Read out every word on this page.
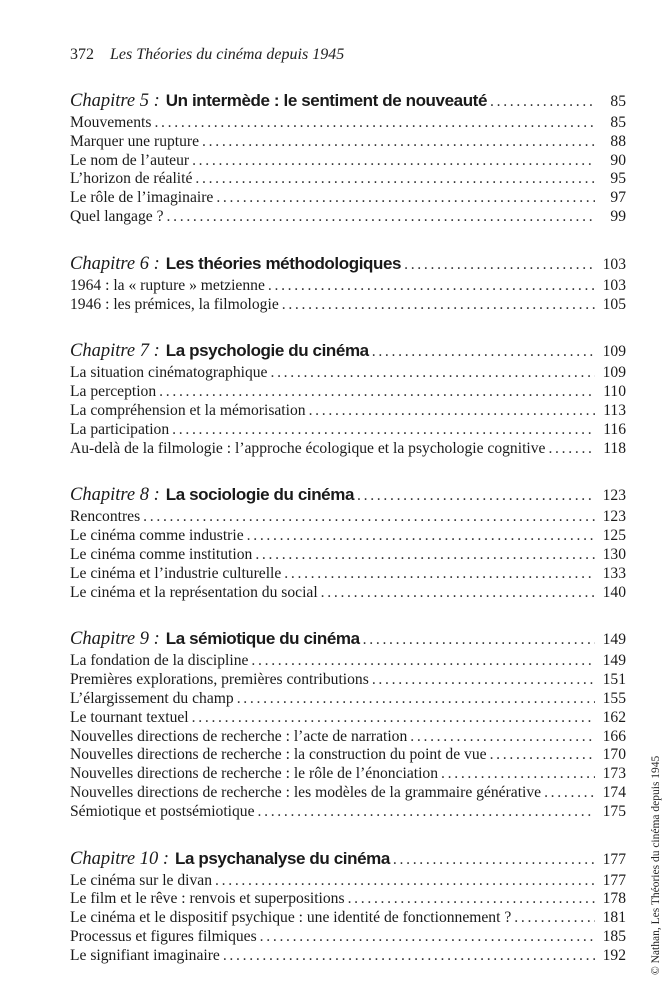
372 Les Théories du cinéma depuis 1945
Chapitre 5 : Un intermède : le sentiment de nouveauté . . .	85
Mouvements . . .	85
Marquer une rupture . . .	88
Le nom de l’auteur . . .	90
L’horizon de réalité . . .	95
Le rôle de l’imaginaire . . .	97
Quel langage ? . . .	99
Chapitre 6 : Les théories méthodologiques . . .	103
1964 : la « rupture » metzienne . . .	103
1946 : les prémices, la filmologie . . .	105
Chapitre 7 : La psychologie du cinéma . . .	109
La situation cinématographique . . .	109
La perception . . .	110
La compréhension et la mémorisation . . .	113
La participation . . .	116
Au-delà de la filmologie : l’approche écologique et la psychologie cognitive . . .	118
Chapitre 8 : La sociologie du cinéma . . .	123
Rencontres . . .	123
Le cinéma comme industrie . . .	125
Le cinéma comme institution . . .	130
Le cinéma et l’industrie culturelle . . .	133
Le cinéma et la représentation du social . . .	140
Chapitre 9 : La sémiotique du cinéma . . .	149
La fondation de la discipline . . .	149
Premières explorations, premières contributions . . .	151
L’élargissement du champ . . .	155
Le tournant textuel . . .	162
Nouvelles directions de recherche : l’acte de narration . . .	166
Nouvelles directions de recherche : la construction du point de vue . . .	170
Nouvelles directions de recherche : le rôle de l’énonciation . . .	173
Nouvelles directions de recherche : les modèles de la grammaire générative . . .	174
Sémiotique et postsémiotique . . .	175
Chapitre 10 : La psychanalyse du cinéma . . .	177
Le cinéma sur le divan . . .	177
Le film et le rêve : renvois et superpositions . . .	178
Le cinéma et le dispositif psychique : une identité de fonctionnement ? . . .	181
Processus et figures filmiques . . .	185
Le signifiant imaginaire . . .	192 © Nathan, Les Théories du cinéma depuis 1945
